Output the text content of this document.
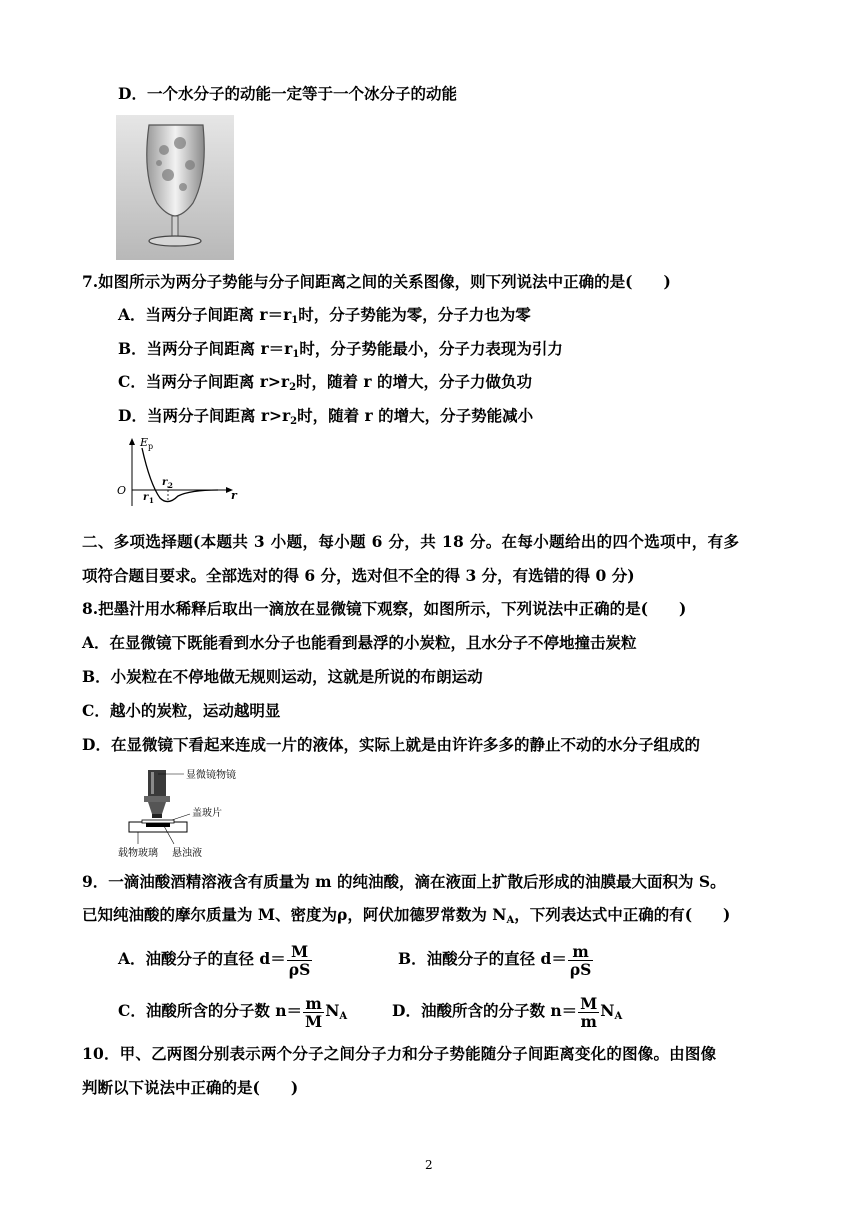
D．一个水分子的动能一定等于一个冰分子的动能
7.如图所示为两分子势能与分子间距离之间的关系图像，则下列说法中正确的是(　　)
A．当两分子间距离 $r=r_1$时，分子势能为零，分子力也为零
B．当两分子间距离 $r=r_1$时，分子势能最小，分子力表现为引力
C．当两分子间距离 $r>r_2$时，随着 r 的增大，分子力做负功
D．当两分子间距离 $r>r_2$时，随着 r 的增大，分子势能减小
E p
O	r
r 1
r 2
二、多项选择题(本题共 3 小题，每小题 6 分，共 18 分。在每小题给出的四个选项中，有多
项符合题目要求。全部选对的得 6 分，选对但不全的得 3 分，有选错的得 0 分)
8.把墨汁用水稀释后取出一滴放在显微镜下观察，如图所示，下列说法中正确的是(　　)
A．在显微镜下既能看到水分子也能看到悬浮的小炭粒，且水分子不停地撞击炭粒
B．小炭粒在不停地做无规则运动，这就是所说的布朗运动
C．越小的炭粒，运动越明显
D．在显微镜下看起来连成一片的液体，实际上就是由许许多多的静止不动的水分子组成的
显微镜物镜
盖玻片
载物玻璃 悬浊液
9．一滴油酸酒精溶液含有质量为 m 的纯油酸，滴在液面上扩散后形成的油膜最大面积为 S。
已知纯油酸的摩尔质量为 M、密度为ρ，阿伏加德罗常数为 $N_A$，下列表达式中正确的有(　　)
A．油酸分子的直径 $d= \frac{M}{\rho S}$	B．油酸分子的直径 $d= \frac{m}{\rho S}$
C．油酸所含的分子数 $n= \frac{m}{M} N_A$	D．油酸所含的分子数 $n= \frac{M}{m} N_A$
10．甲、乙两图分别表示两个分子之间分子力和分子势能随分子间距离变化的图像。由图像
判断以下说法中正确的是(　　)
2
